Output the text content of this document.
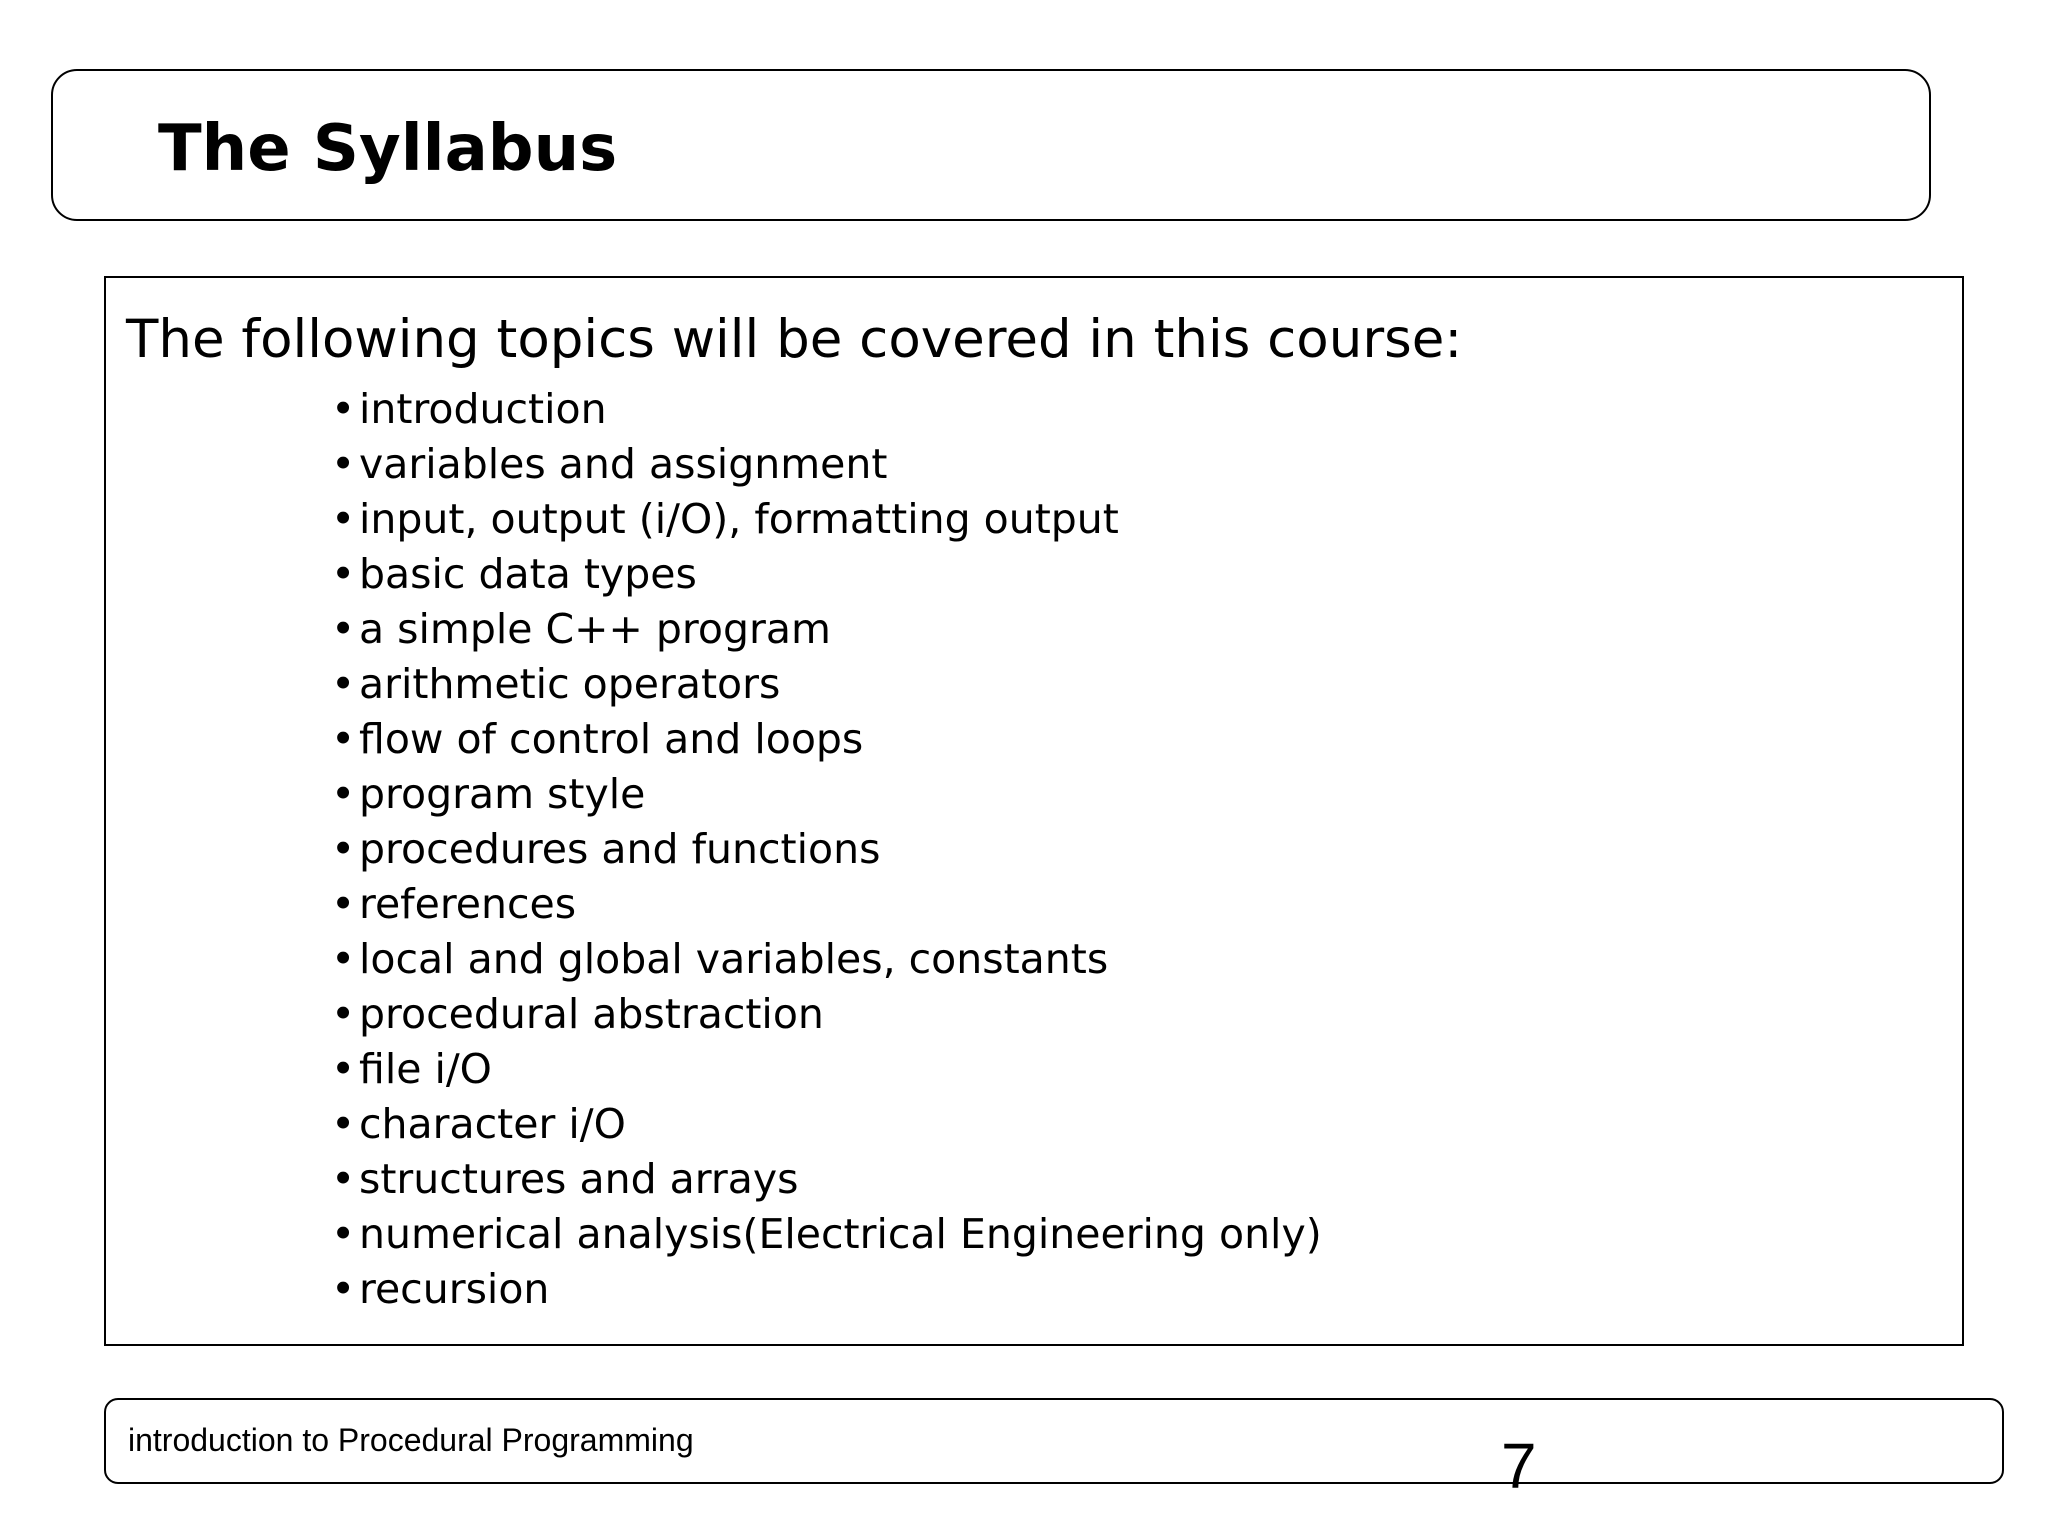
The Syllabus
The following topics will be covered in this course:
•introduction
•variables and assignment
•input, output (i/O), formatting output
•basic data types
•a simple C++ program
•arithmetic operators
•flow of control and loops
•program style
•procedures and functions
•references
•local and global variables, constants
•procedural abstraction
•file i/O
•character i/O
•structures and arrays
•numerical analysis(Electrical Engineering only)
•recursion
introduction to Procedural Programming	7
